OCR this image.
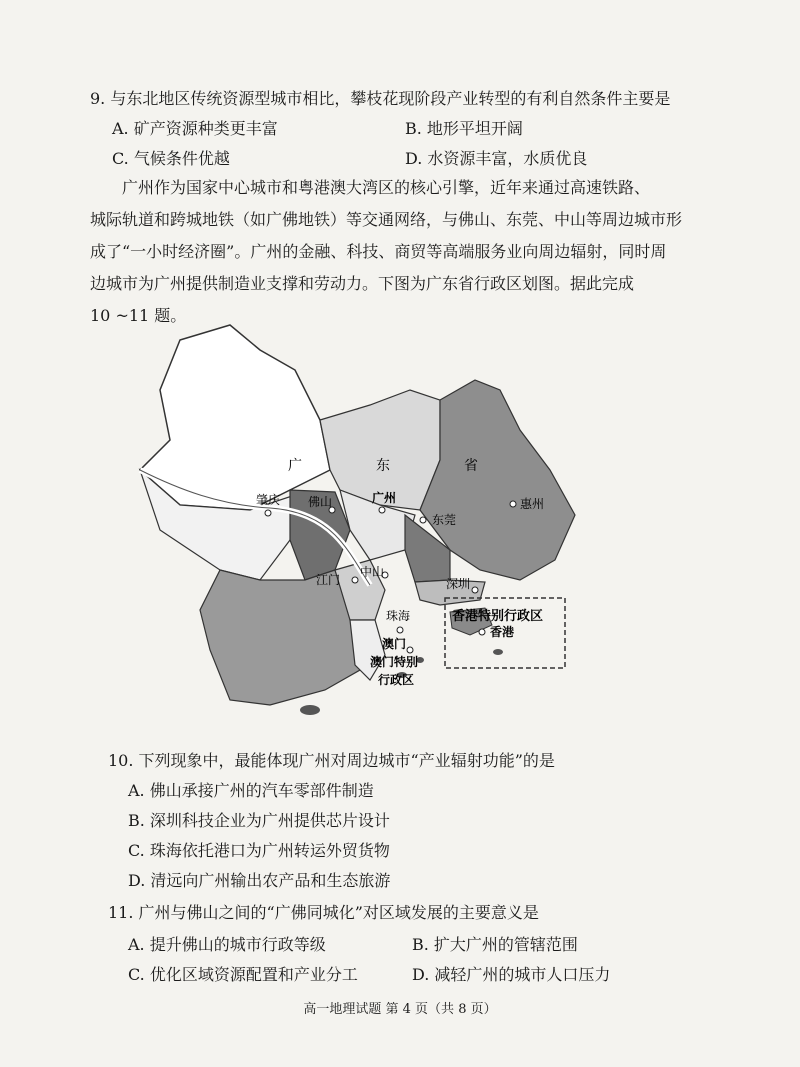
9. 与东北地区传统资源型城市相比，攀枝花现阶段产业转型的有利自然条件主要是
A. 矿产资源种类更丰富	B. 地形平坦开阔
C. 气候条件优越	D. 水资源丰富，水质优良

广州作为国家中心城市和粤港澳大湾区的核心引擎，近年来通过高速铁路、

城际轨道和跨城地铁（如广佛地铁）等交通网络，与佛山、东莞、中山等周边城市形

成了“一小时经济圈”。广州的金融、科技、商贸等高端服务业向周边辐射，同时周

边城市为广州提供制造业支撑和劳动力。下图为广东省行政区划图。据此完成

10 ~11 题。

广	东	省
肇庆 佛山	广州
东莞
惠州
江门
中山
深圳
珠海	香港特别行政区
香港
澳门
澳门特别
行政区
10. 下列现象中，最能体现广州对周边城市“产业辐射功能”的是
A. 佛山承接广州的汽车零部件制造
B. 深圳科技企业为广州提供芯片设计
C. 珠海依托港口为广州转运外贸货物
D. 清远向广州输出农产品和生态旅游
11. 广州与佛山之间的“广佛同城化”对区域发展的主要意义是
A. 提升佛山的城市行政等级	B. 扩大广州的管辖范围
C. 优化区域资源配置和产业分工	D. 减轻广州的城市人口压力
高一地理试题 第 4 页（共 8 页）
